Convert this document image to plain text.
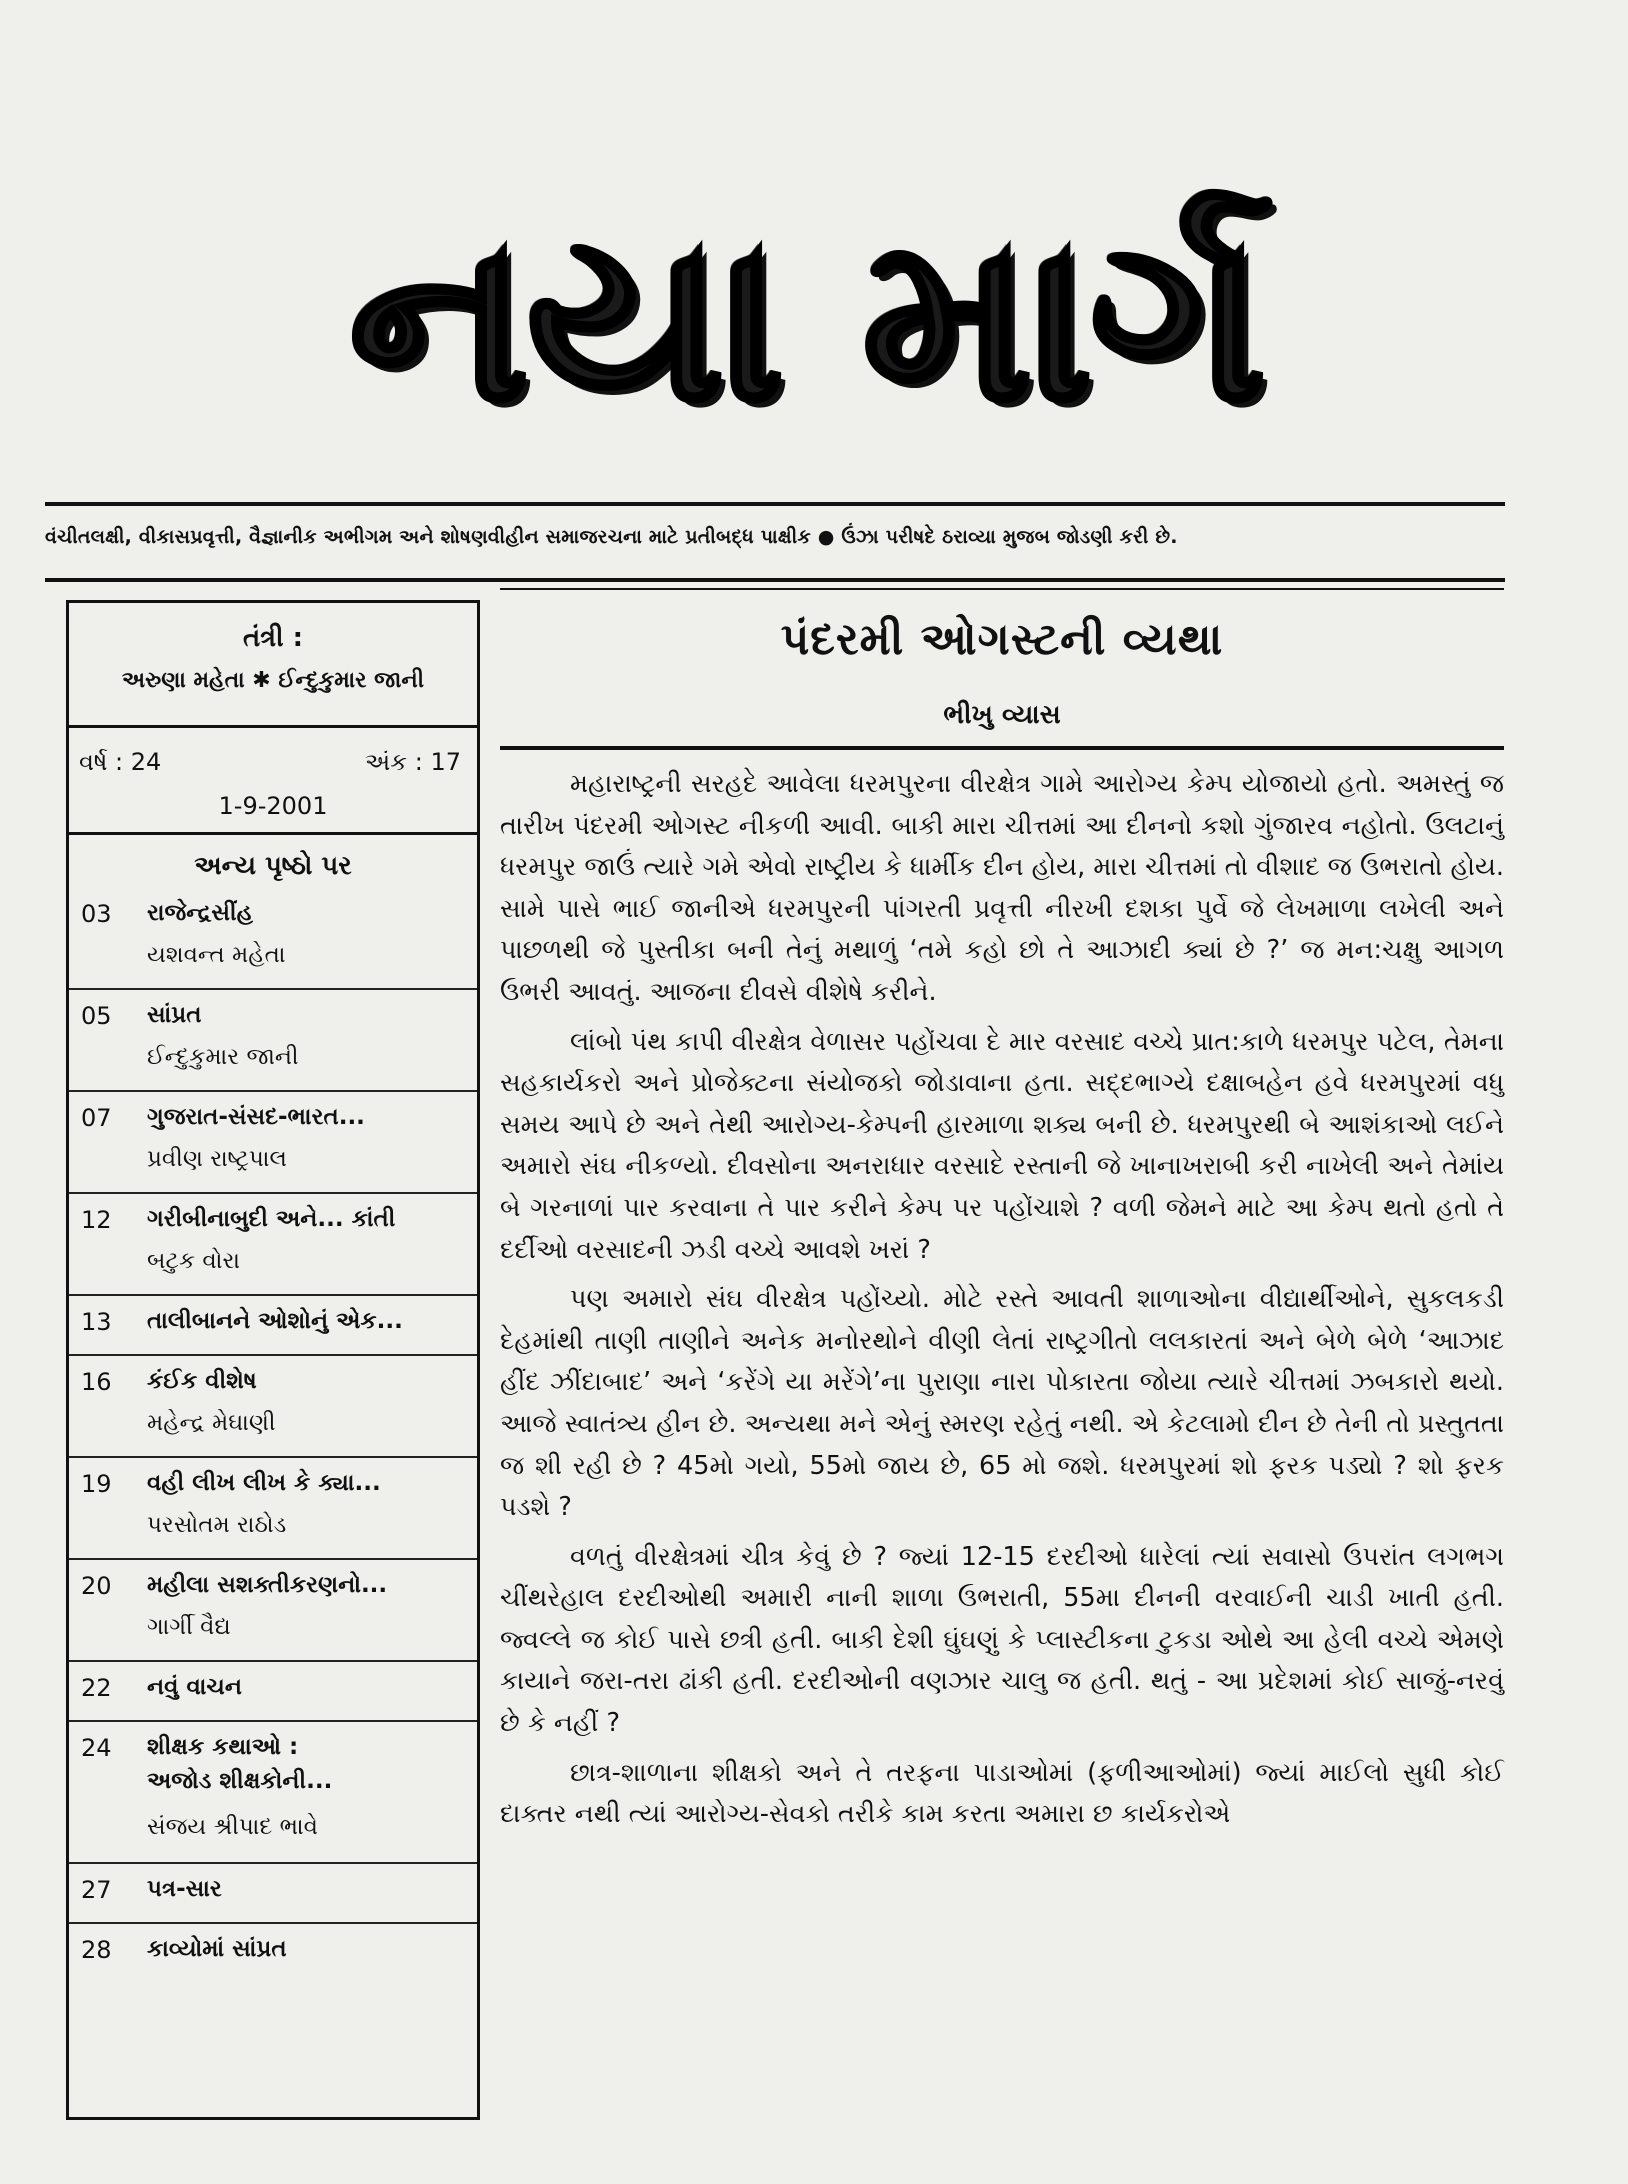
નયા માર્ગ
વંચીતલક્ષી, વીકાસપ્રવૃત્તી, વૈજ્ઞાનીક અભીગમ અને શોષણવીહીન સમાજરચના માટે પ્રતીબદ્ધ પાક્ષીક ● ઉંઝા પરીષદે ઠરાવ્યા મુજબ જોડણી કરી છે.
તંત્રી :
અરુણા મહેતા ✱ ઈન્દુકુમાર જાની
વર્ષ : 24	અંક : 17
1-9-2001
અન્ય પૃષ્ઠો પર
03 રાજેન્દ્રસીંહ
યશવન્ત મહેતા
05 સાંપ્રત
ઈન્દુકુમાર જાની
07 ગુજરાત-સંસદ-ભારત...
પ્રવીણ રાષ્ટ્રપાલ
12 ગરીબીનાબુદી અને... કાંતી
બટુક વોરા
13 તાલીબાનને ઓશોનું એક...
16 કંઈક વીશેષ
મહેન્દ્ર મેઘાણી
19 વહી લીખ લીખ કે ક્યા...
પરસોતમ રાઠોડ
20 મહીલા સશક્તીકરણનો...
ગાર્ગી વૈદ્ય
22 નવું વાચન
24 શીક્ષક કથાઓ :
અજોડ શીક્ષકોની...
સંજય શ્રીપાદ ભાવે
27 પત્ર-સાર
28 કાવ્યોમાં સાંપ્રત
પંદરમી ઓગસ્ટની વ્યથા
ભીખુ વ્યાસ

મહારાષ્ટ્રની સરહદે આવેલા ધરમપુરના વીરક્ષેત્ર ગામે આરોગ્ય કેમ્પ યોજાયો હતો. અમસ્તું જ તારીખ પંદરમી ઓગસ્ટ નીકળી આવી. બાકી મારા ચીત્તમાં આ દીનનો કશો ગુંજારવ નહોતો. ઉલટાનું ધરમપુર જાઉં ત્યારે ગમે એવો રાષ્ટ્રીય કે ધાર્મીક દીન હોય, મારા ચીત્તમાં તો વીશાદ જ ઉભરાતો હોય. સામે પાસે ભાઈ જાનીએ ધરમપુરની પાંગરતી પ્રવૃત્તી નીરખી દશકા પુર્વે જે લેખમાળા લખેલી અને પાછળથી જે પુસ્તીકા બની તેનું મથાળું ‘તમે કહો છો તે આઝાદી ક્યાં છે ?’ જ મન:ચક્ષુ આગળ ઉભરી આવતું. આજના દીવસે વીશેષે કરીને.

લાંબો પંથ કાપી વીરક્ષેત્ર વેળાસર પહોંચવા દે માર વરસાદ વચ્ચે પ્રાત:કાળે ધરમપુર પટેલ, તેમના સહકાર્યકરો અને પ્રોજેક્ટના સંયોજકો જોડાવાના હતા. સદ્દભાગ્યે દક્ષાબહેન હવે ધરમપુરમાં વધુ સમય આપે છે અને તેથી આરોગ્ય-કેમ્પની હારમાળા શક્ય બની છે. ધરમપુરથી બે આશંકાઓ લઈને અમારો સંઘ નીકળ્યો. દીવસોના અનરાધાર વરસાદે રસ્તાની જે ખાનાખરાબી કરી નાખેલી અને તેમાંય બે ગરનાળાં પાર કરવાના તે પાર કરીને કેમ્પ પર પહોંચાશે ? વળી જેમને માટે આ કેમ્પ થતો હતો તે દર્દીઓ વરસાદની ઝડી વચ્ચે આવશે ખરાં ?

પણ અમારો સંઘ વીરક્ષેત્ર પહોંચ્યો. મોટે રસ્તે આવતી શાળાઓના વીદ્યાર્થીઓને, સુકલકડી દેહમાંથી તાણી તાણીને અનેક મનોરથોને વીણી લેતાં રાષ્ટ્રગીતો લલકારતાં અને બેળે બેળે ‘આઝાદ હીંદ ઝીંદાબાદ’ અને ‘કરેંગે યા મરેંગે’ના પુરાણા નારા પોકારતા જોયા ત્યારે ચીત્તમાં ઝબકારો થયો. આજે સ્વાતંત્ર્ય હીન છે. અન્યથા મને એનું સ્મરણ રહેતું નથી. એ કેટલામો દીન છે તેની તો પ્રસ્તુતતા જ શી રહી છે ? 45મો ગયો, 55મો જાય છે, 65 મો જશે. ધરમપુરમાં શો ફરક પડ્યો ? શો ફરક પડશે ?

વળતું વીરક્ષેત્રમાં ચીત્ર કેવું છે ? જ્યાં 12-15 દરદીઓ ધારેલાં ત્યાં સવાસો ઉપરાંત લગભગ ચીંથરેહાલ દરદીઓથી અમારી નાની શાળા ઉભરાતી, 55મા દીનની વરવાઈની ચાડી ખાતી હતી. જ્વલ્લે જ કોઈ પાસે છત્રી હતી. બાકી દેશી ઘુંઘણું કે પ્લાસ્ટીકના ટુકડા ઓથે આ હેલી વચ્ચે એમણે કાયાને જરા-તરા ઢાંકી હતી. દરદીઓની વણઝાર ચાલુ જ હતી. થતું - આ પ્રદેશમાં કોઈ સાજું-નરવું છે કે નહીં ?

છાત્ર-શાળાના શીક્ષકો અને તે તરફના પાડાઓમાં (ફળીઆઓમાં) જ્યાં માઈલો સુધી કોઈ દાક્તર નથી ત્યાં આરોગ્ય-સેવકો તરીકે કામ કરતા અમારા છ કાર્યકરોએ
